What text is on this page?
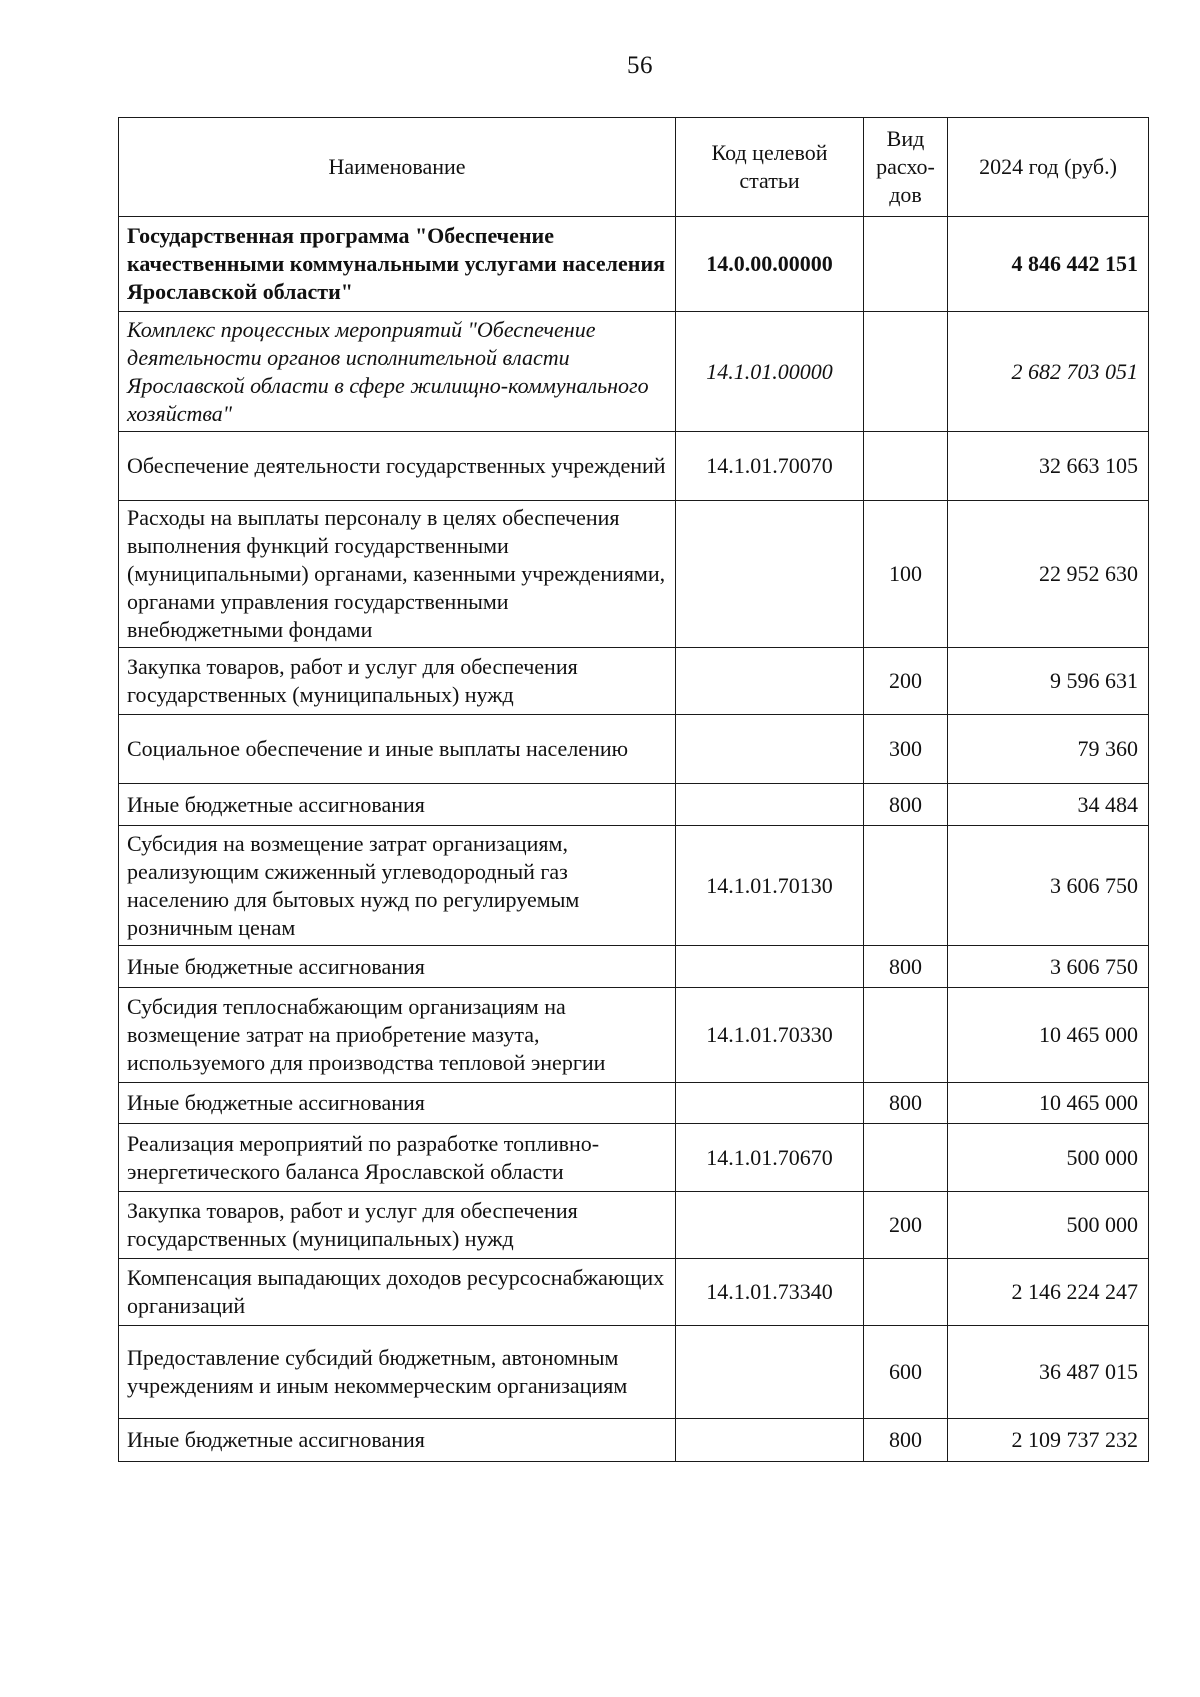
56
Наименование	Код целевой статьи	Вид расхо-дов	2024 год (руб.)
Государственная программа "Обеспечение качественными коммунальными услугами населения Ярославской области"	14.0.00.00000		4 846 442 151
Комплекс процессных мероприятий "Обеспечение деятельности органов исполнительной власти Ярославской области в сфере жилищно-коммунального хозяйства"	14.1.01.00000		2 682 703 051
Обеспечение деятельности государственных учреждений	14.1.01.70070		32 663 105
Расходы на выплаты персоналу в целях обеспечения выполнения функций государственными (муниципальными) органами, казенными учреждениями, органами управления государственными внебюджетными фондами		100	22 952 630
Закупка товаров, работ и услуг для обеспечения государственных (муниципальных) нужд		200	9 596 631
Социальное обеспечение и иные выплаты населению		300	79 360
Иные бюджетные ассигнования		800	34 484
Субсидия на возмещение затрат организациям, реализующим сжиженный углеводородный газ населению для бытовых нужд по регулируемым розничным ценам	14.1.01.70130		3 606 750
Иные бюджетные ассигнования		800	3 606 750
Субсидия теплоснабжающим организациям на возмещение затрат на приобретение мазута, используемого для производства тепловой энергии	14.1.01.70330		10 465 000
Иные бюджетные ассигнования		800	10 465 000
Реализация мероприятий по разработке топливно-энергетического баланса Ярославской области	14.1.01.70670		500 000
Закупка товаров, работ и услуг для обеспечения государственных (муниципальных) нужд		200	500 000
Компенсация выпадающих доходов ресурсоснабжающих организаций	14.1.01.73340		2 146 224 247
Предоставление субсидий бюджетным, автономным учреждениям и иным некоммерческим организациям		600	36 487 015
Иные бюджетные ассигнования		800	2 109 737 232
